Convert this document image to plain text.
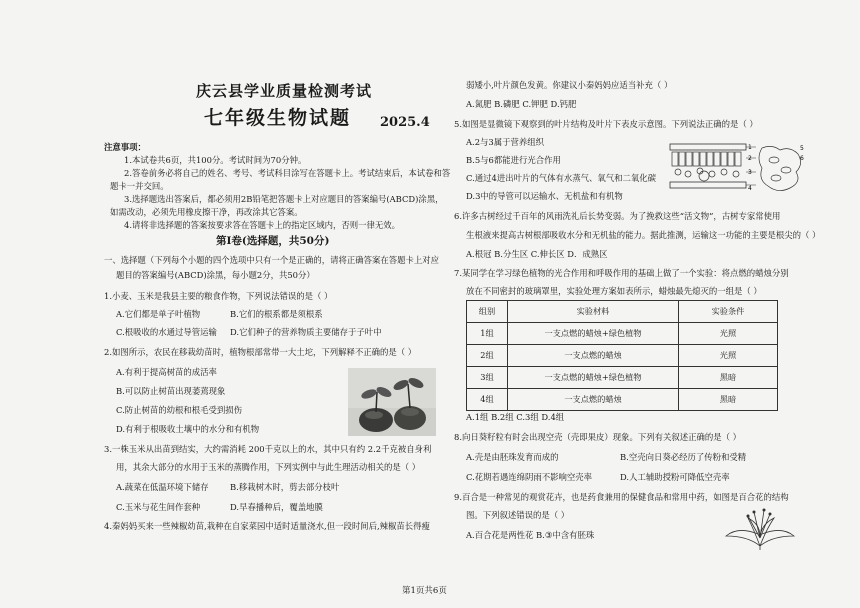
庆云县学业质量检测考试
七年级生物试题 2025.4
注意事项：
1.本试卷共6页，共100分。考试时间为70分钟。
2.答卷前务必将自己的姓名、考号、考试科目涂写在答题卡上。考试结束后，本试卷和答
题卡一并交回。
3.选择题选出答案后，都必须用2B铅笔把答题卡上对应题目的答案编号(ABCD)涂黑，
如需改动，必须先用橡皮擦干净，再改涂其它答案。
4.请将非选择题的答案按要求答在答题卡上的指定区域内，否则一律无效。
第Ⅰ卷(选择题，共50分)
一、选择题（下列每个小题的四个选项中只有一个是正确的，请将正确答案在答题卡上对应
题目的答案编号(ABCD)涂黑，每小题2分，共50分）
1.小麦、玉米是我县主要的粮食作物，下列说法错误的是（ ）
A.它们都是单子叶植物	B.它们的根系都是须根系
C.根吸收的水通过导管运输 D.它们种子的营养物质主要储存于子叶中
2.如图所示，农民在移栽幼苗时，植物根部常带一大土坨，下列解释不正确的是（ ）
A.有利于提高树苗的成活率
B.可以防止树苗出现萎蔫现象
C.防止树苗的幼根和根毛受到损伤
D.有利于根吸收土壤中的水分和有机物
3.一株玉米从出苗到结实，大约需消耗 200千克以上的水，其中只有约 2.2千克被自身利
用，其余大部分的水用于玉米的蒸腾作用，下列实例中与此生理活动相关的是（ ）
A.蔬菜在低温环境下储存	B.移栽树木时，剪去部分枝叶
C.玉米与花生间作套种	D.早春播种后，覆盖地膜
4.秦妈妈买来一些辣椒幼苗,栽种在自家菜园中适时适量浇水,但一段时间后,辣椒苗长得瘦
弱矮小,叶片颜色发黄。你建议小秦妈妈应适当补充（ ）
A.氮肥 B.磷肥 C.钾肥 D.钙肥
5.如图是显微镜下观察到的叶片结构及叶片下表皮示意图。下列说法正确的是（ ）
A.2与3属于营养组织
B.5与6都能进行光合作用
C.通过4进出叶片的气体有水蒸气、氧气和二氧化碳
D.3中的导管可以运输水、无机盐和有机物
1
2
3
4
5
6
6.许多古树经过千百年的风雨洗礼后长势变弱。为了挽救这些“活文物”，古树专家常使用
生根液来提高古树根部吸收水分和无机盐的能力。据此推测，运输这一功能的主要是根尖的（ ）
A.根冠 B.分生区 C.伸长区 D．成熟区
7.某同学在学习绿色植物的光合作用和呼吸作用的基础上做了一个实验：将点燃的蜡烛分别
放在不同密封的玻璃罩里，实验处理方案如表所示，蜡烛最先熄灭的一组是（ ）
组别	实验材料	实验条件
1组	一支点燃的蜡烛+绿色植物	光照
2组	一支点燃的蜡烛	光照
3组	一支点燃的蜡烛+绿色植物	黑暗
4组	一支点燃的蜡烛	黑暗
A.1组 B.2组 C.3组 D.4组
8.向日葵籽粒有时会出现空壳（壳即果皮）现象。下列有关叙述正确的是（ ）
A.壳是由胚珠发育而成的	B.空壳向日葵必经历了传粉和受精
C.花期若遇连绵阴雨不影响空壳率	D.人工辅助授粉可降低空壳率
9.百合是一种常见的观赏花卉，也是药食兼用的保健食品和常用中药，如图是百合花的结构
图。下列叙述错误的是（ ）
A.百合花是两性花 B.③中含有胚珠
第1页共6页
